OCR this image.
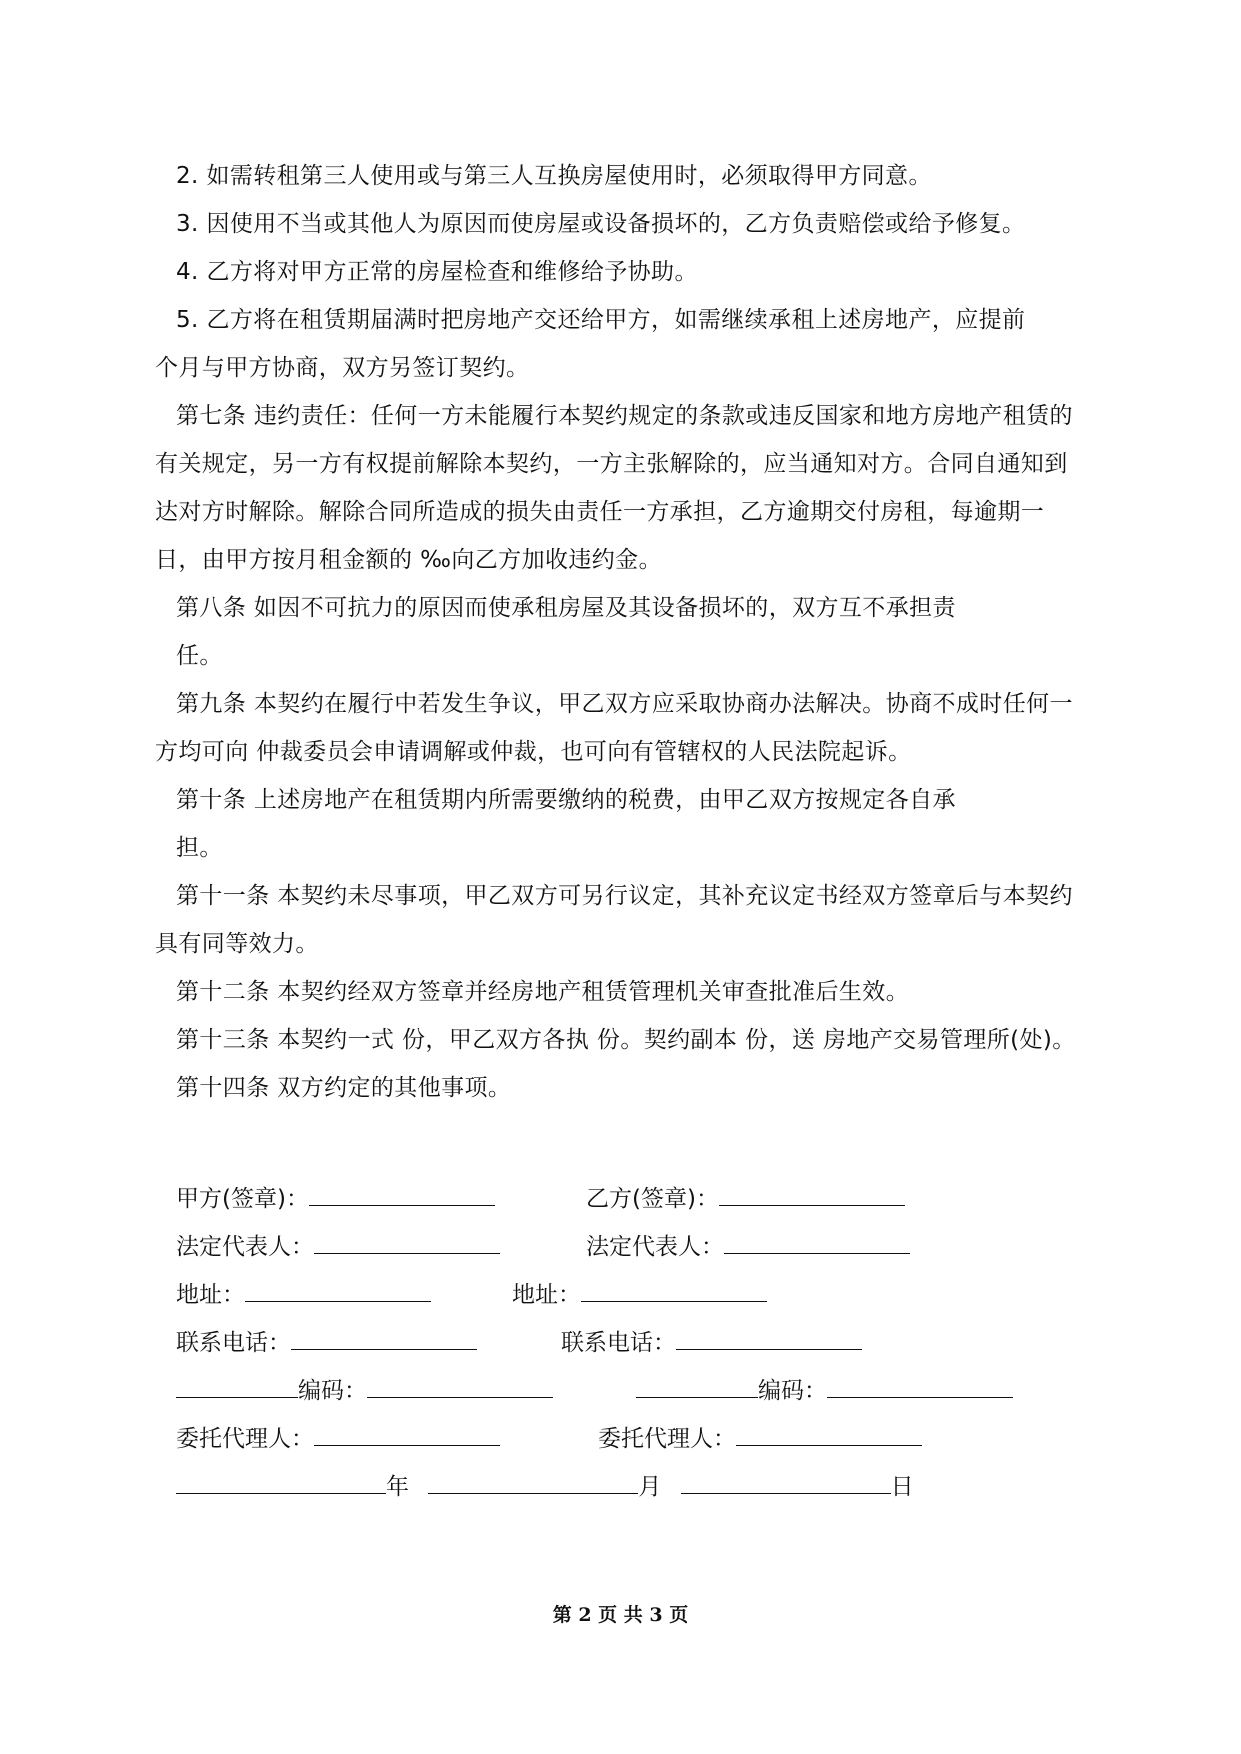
2. 如需转租第三人使用或与第三人互换房屋使用时，必须取得甲方同意。

3. 因使用不当或其他人为原因而使房屋或设备损坏的，乙方负责赔偿或给予修复。

4. 乙方将对甲方正常的房屋检查和维修给予协助。

5. 乙方将在租赁期届满时把房地产交还给甲方，如需继续承租上述房地产，应提前

个月与甲方协商，双方另签订契约。

第七条 违约责任：任何一方未能履行本契约规定的条款或违反国家和地方房地产租赁的有关规定，另一方有权提前解除本契约，一方主张解除的，应当通知对方。合同自通知到达对方时解除。解除合同所造成的损失由责任一方承担，乙方逾期交付房租，每逾期一日，由甲方按月租金额的 ‰向乙方加收违约金。

第八条 如因不可抗力的原因而使承租房屋及其设备损坏的，双方互不承担责
任。

第九条 本契约在履行中若发生争议，甲乙双方应采取协商办法解决。协商不成时任何一方均可向 仲裁委员会申请调解或仲裁，也可向有管辖权的人民法院起诉。

第十条 上述房地产在租赁期内所需要缴纳的税费，由甲乙双方按规定各自承
担。

第十一条 本契约未尽事项，甲乙双方可另行议定，其补充议定书经双方签章后与本契约具有同等效力。

第十二条 本契约经双方签章并经房地产租赁管理机关审查批准后生效。

第十三条 本契约一式 份，甲乙双方各执 份。契约副本 份，送 房地产交易管理所(处)。

第十四条 双方约定的其他事项。

甲方(签章)：	乙方(签章)：
法定代表人：	法定代表人：
地址：	地址：
联系电话：	联系电话：
编码：	编码：
委托代理人：	委托代理人：
年	月	日
第 2 页 共 3 页
